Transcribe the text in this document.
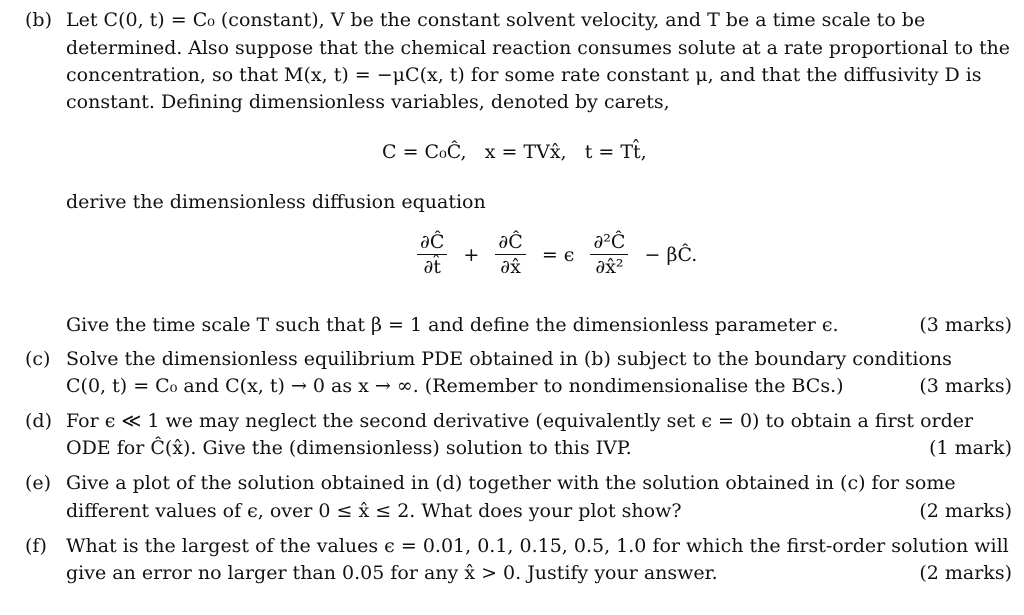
(b) Let C(0, t) = C₀ (constant), V be the constant solvent velocity, and T be a time scale to be
determined. Also suppose that the chemical reaction consumes solute at a rate proportional to the
concentration, so that M(x, t) = −μC(x, t) for some rate constant μ, and that the diffusivity D is
constant. Defining dimensionless variables, denoted by carets,
C = C₀Ĉ,   x = TVx̂,   t = Tt̂,
derive the dimensionless diffusion equation
$\frac{\partial Ĉ}{\partial t̂} + \frac{\partial Ĉ}{\partial x̂} = \epsilon \frac{\text{∂²Ĉ}}{\text{∂x̂²}}$ − βĈ.
Give the time scale T such that β = 1 and define the dimensionless parameter ϵ.	(3 marks)
(c) Solve the dimensionless equilibrium PDE obtained in (b) subject to the boundary conditions
C(0, t) = C₀ and C(x, t) → 0 as x → ∞. (Remember to nondimensionalise the BCs.)	(3 marks)
(d) For ϵ ≪ 1 we may neglect the second derivative (equivalently set ϵ = 0) to obtain a first order
ODE for Ĉ(x̂). Give the (dimensionless) solution to this IVP.	(1 mark)
(e) Give a plot of the solution obtained in (d) together with the solution obtained in (c) for some
different values of ϵ, over 0 ≤ x̂ ≤ 2. What does your plot show?	(2 marks)
(f) What is the largest of the values ϵ = 0.01, 0.1, 0.15, 0.5, 1.0 for which the first-order solution will
give an error no larger than 0.05 for any x̂ > 0. Justify your answer.	(2 marks)
